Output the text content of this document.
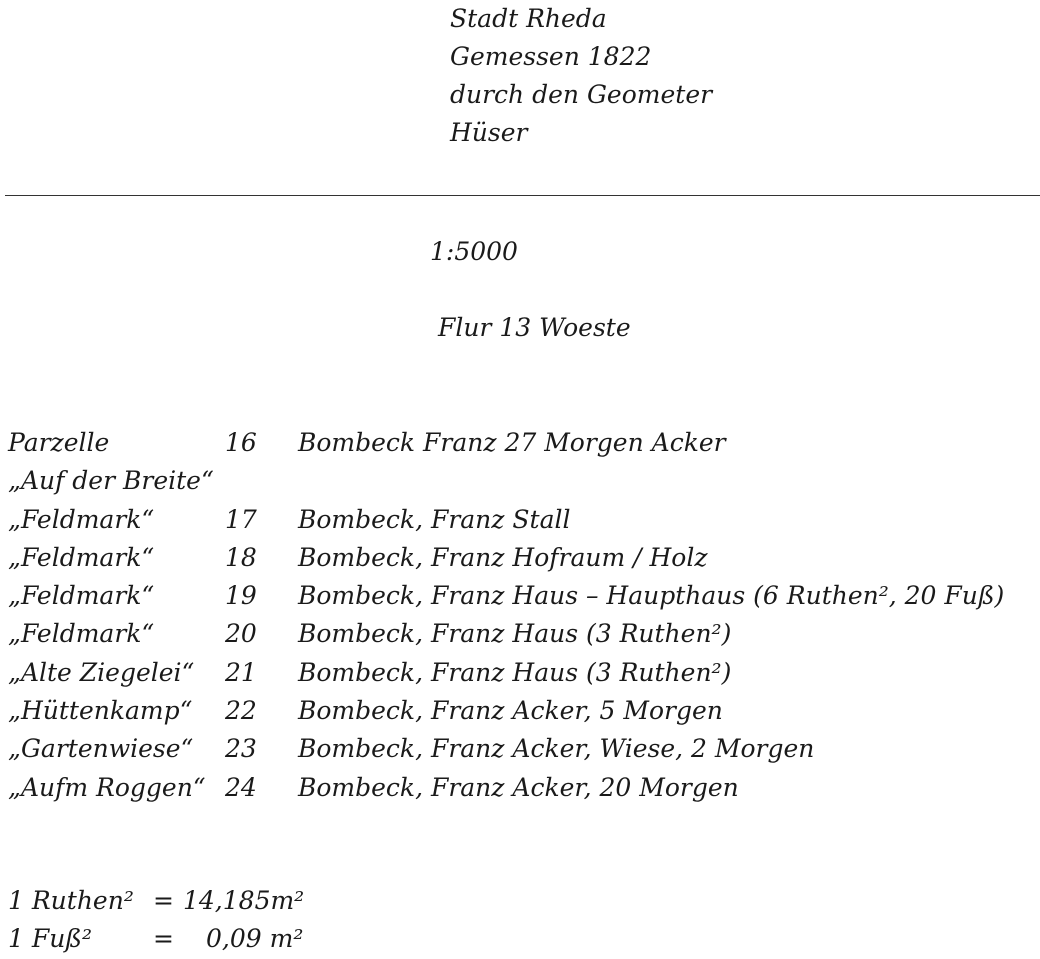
Stadt Rheda
Gemessen 1822
durch den Geometer
Hüser
1:5000
Flur 13 Woeste
Parzelle	16 Bombeck Franz 27 Morgen Acker
„Auf der Breite“
„Feldmark“	17 Bombeck, Franz Stall
„Feldmark“	18 Bombeck, Franz Hofraum / Holz
„Feldmark“	19 Bombeck, Franz Haus – Haupthaus (6 Ruthen², 20 Fuß)
„Feldmark“	20 Bombeck, Franz Haus (3 Ruthen²)
„Alte Ziegelei“ 21 Bombeck, Franz Haus (3 Ruthen²)
„Hüttenkamp“ 22 Bombeck, Franz Acker, 5 Morgen
„Gartenwiese“ 23 Bombeck, Franz Acker, Wiese, 2 Morgen
„Aufm Roggen“ 24 Bombeck, Franz Acker, 20 Morgen
1 Ruthen² = 14,185m²
1 Fuß² = 0,09 m²
